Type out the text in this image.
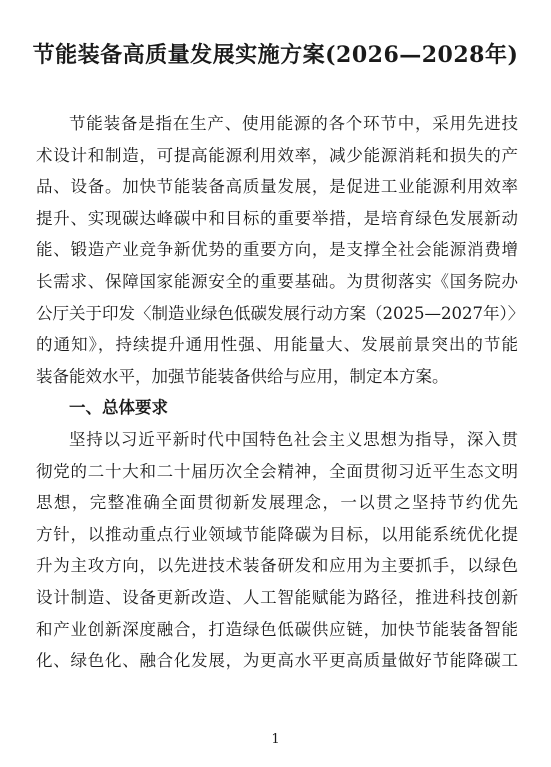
节能装备高质量发展实施方案(2026—2028年)
节能装备是指在生产、使用能源的各个环节中，采用先进技
术设计和制造，可提高能源利用效率，减少能源消耗和损失的产
品、设备。加快节能装备高质量发展，是促进工业能源利用效率
提升、实现碳达峰碳中和目标的重要举措，是培育绿色发展新动
能、锻造产业竞争新优势的重要方向，是支撑全社会能源消费增
长需求、保障国家能源安全的重要基础。为贯彻落实《国务院办
公厅关于印发〈制造业绿色低碳发展行动方案（2025—2027年）〉
的通知》，持续提升通用性强、用能量大、发展前景突出的节能
装备能效水平，加强节能装备供给与应用，制定本方案。
一、总体要求
坚持以习近平新时代中国特色社会主义思想为指导，深入贯
彻党的二十大和二十届历次全会精神，全面贯彻习近平生态文明
思想，完整准确全面贯彻新发展理念，一以贯之坚持节约优先
方针，以推动重点行业领域节能降碳为目标，以用能系统优化提
升为主攻方向，以先进技术装备研发和应用为主要抓手，以绿色
设计制造、设备更新改造、人工智能赋能为路径，推进科技创新
和产业创新深度融合，打造绿色低碳供应链，加快节能装备智能
化、绿色化、融合化发展，为更高水平更高质量做好节能降碳工
1
